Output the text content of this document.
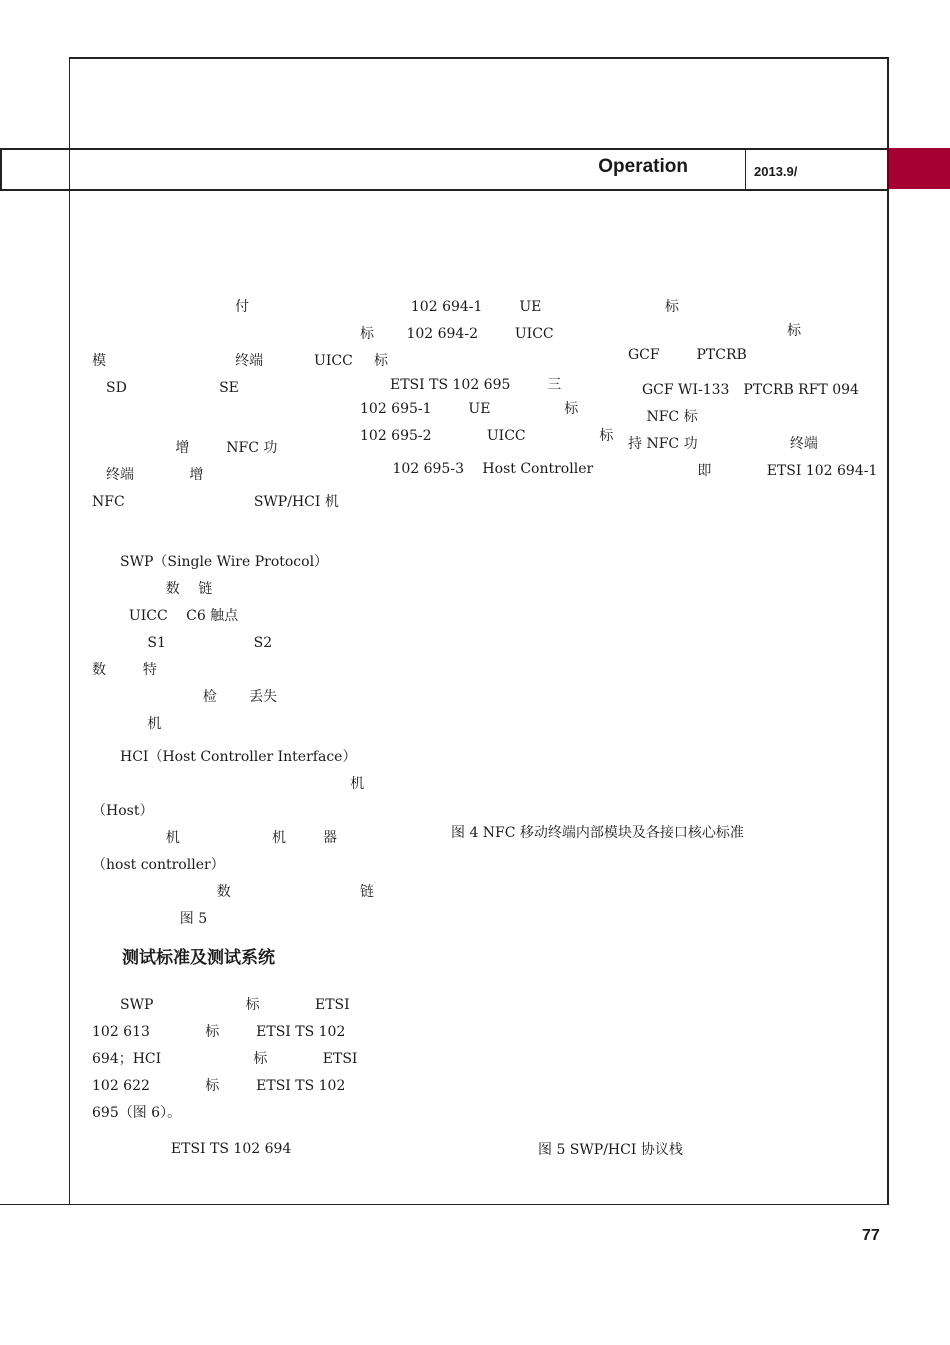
Operation	2013.9/

　 　 　 　 　　 　 　 付　 　 　 　 　

模　 　 　 　 　 　 　 终端　 　 　UICC
　SD　 　 　 　 　 SE　 　 　 　 　 　

　 　 　 增　 　 NFC 功　 　 　
　终端　 　 　 增　 　 　 　 　 　 　　
NFC　 　 　 　 　 　 　 SWP/HCI 机

SWP（Single Wire Protocol）　
　 　 　 　 数　 链　 　 　 　 　　 　 　
　 　 UICC　 C6 触点　 　 　 　 　　
　 　 　 S1　　 　 　 　 S2　 　 　 　　
数　 　 特　 　 　 　 　 　 　 　 　 　 　
　 　 　 　 　 　 检　 　丢失　 　 　　 　
　 　 　 机　 　

HCI（Host Controller Interface）
　 　 　 　 　 　 　 　 　 　 　 　 　 　 机
（Host）　 　 　 　 　 　 　 　　 　 　 　 　 　
　 　 　 　 机　 　 　 　 　 机　 　 器
（host controller）　 　 　 　 　 　 　 　 　
　 　　 　 　 　 　 数　 　 　 　 　 　 　 链
　 　 　　 　 图 5　　

测试标准及测试系统

SWP　 　 　 　 　 标　 　 　 ETSI
102 613　 　 　 标　 　 ETSI TS 102
694；HCI　 　 　 　 　 标　 　 　 ETSI
102 622　 　 　 标　 　 ETSI TS 102
695（图 6）。

　 　 　ETSI TS 102 694　 　 　

　 　 　102 694-1　 　 UE　 　 　 　
标　 　102 694-2　 　 UICC　 　 　
　标　 　

ETSI TS 102 695　 　 三　 　 　 　
102 695-1　 　 UE　 　 　 　 标　 　
102 695-2　 　 　 UICC　 　 　 　 标
　 　102 695-3　 Host Controller　

　 　 标　 　

　 　 　 　 　 　 　 标　 　 　 　 　
GCF　 　 PTCRB　 　 　 　 　 　 　
　GCF WI-133　PTCRB RFT 094　
　 NFC 标　 　 　 　 　 　 　 　 　 　 　
持 NFC 功　 　 　 　 　 终端　 　 　 　
　 　 　 　即　 　 　 ETSI 102 694-1

图 4 NFC 移动终端内部模块及各接口核心标准
图 5 SWP/HCI 协议栈
77
